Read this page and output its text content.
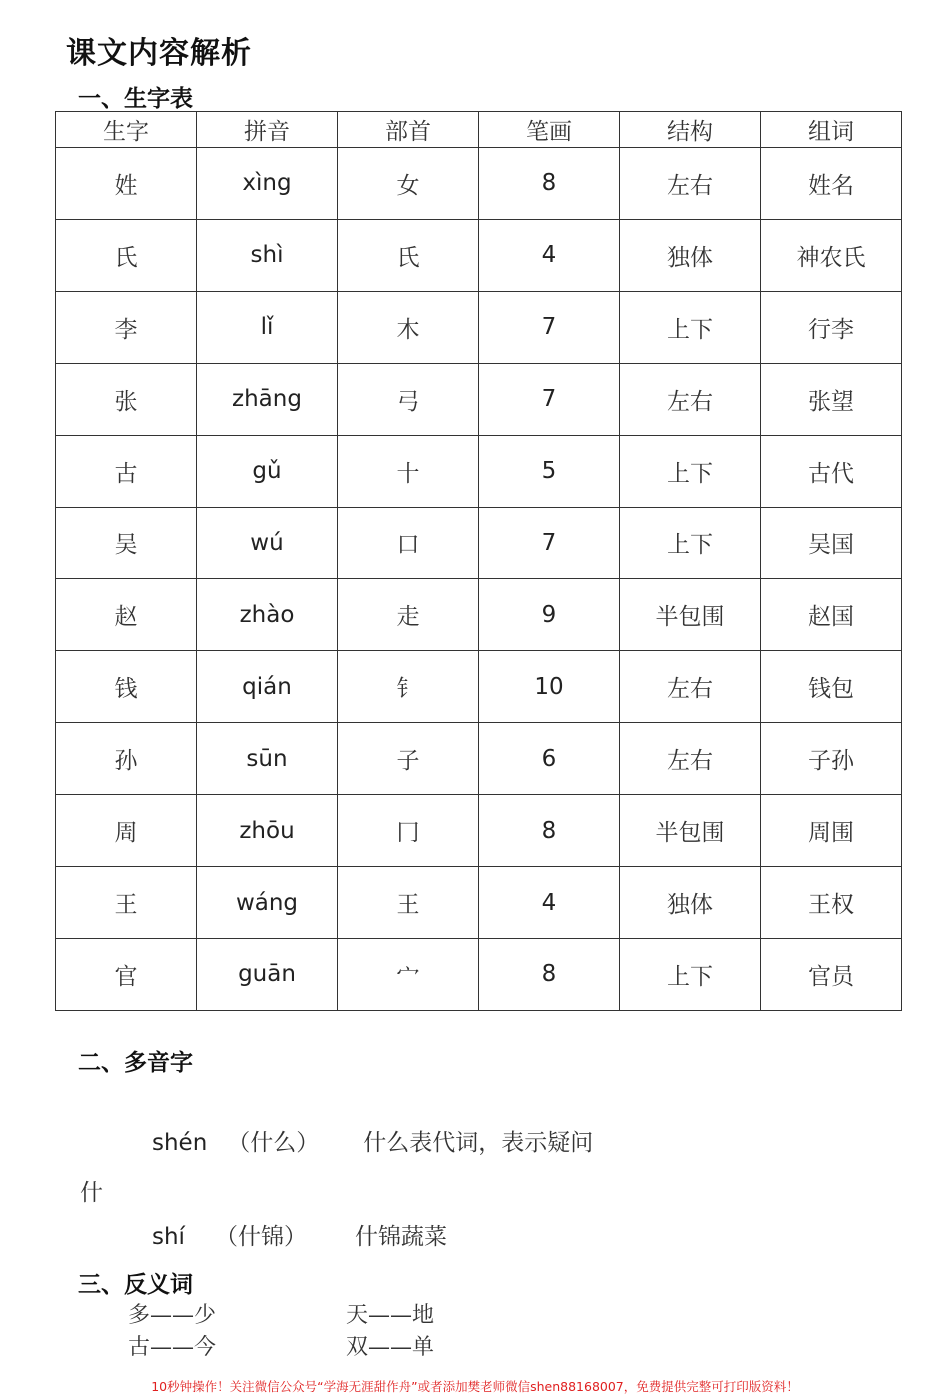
课文内容解析
一、生字表
生字	拼音	部首	笔画	结构	组词
姓	xìng	女	8	左右	姓名
氏	shì	氏	4	独体	神农氏
李	lǐ	木	7	上下	行李
张	zhāng	弓	7	左右	张望
古	gǔ	十	5	上下	古代
吴	wú	口	7	上下	吴国
赵	zhào	走	9	半包围	赵国
钱	qián	钅	10	左右	钱包
孙	sūn	子	6	左右	子孙
周	zhōu	冂	8	半包围	周围
王	wáng	王	4	独体	王权
官	guān	宀	8	上下	官员
二、多音字
shén （什么） 什么表代词，表示疑问
什
shí （什锦） 什锦蔬菜
三、反义词
多——少	天——地
古——今	双——单
10秒钟操作！关注微信公众号“学海无涯甜作舟”或者添加樊老师微信shen88168007，免费提供完整可打印版资料！
